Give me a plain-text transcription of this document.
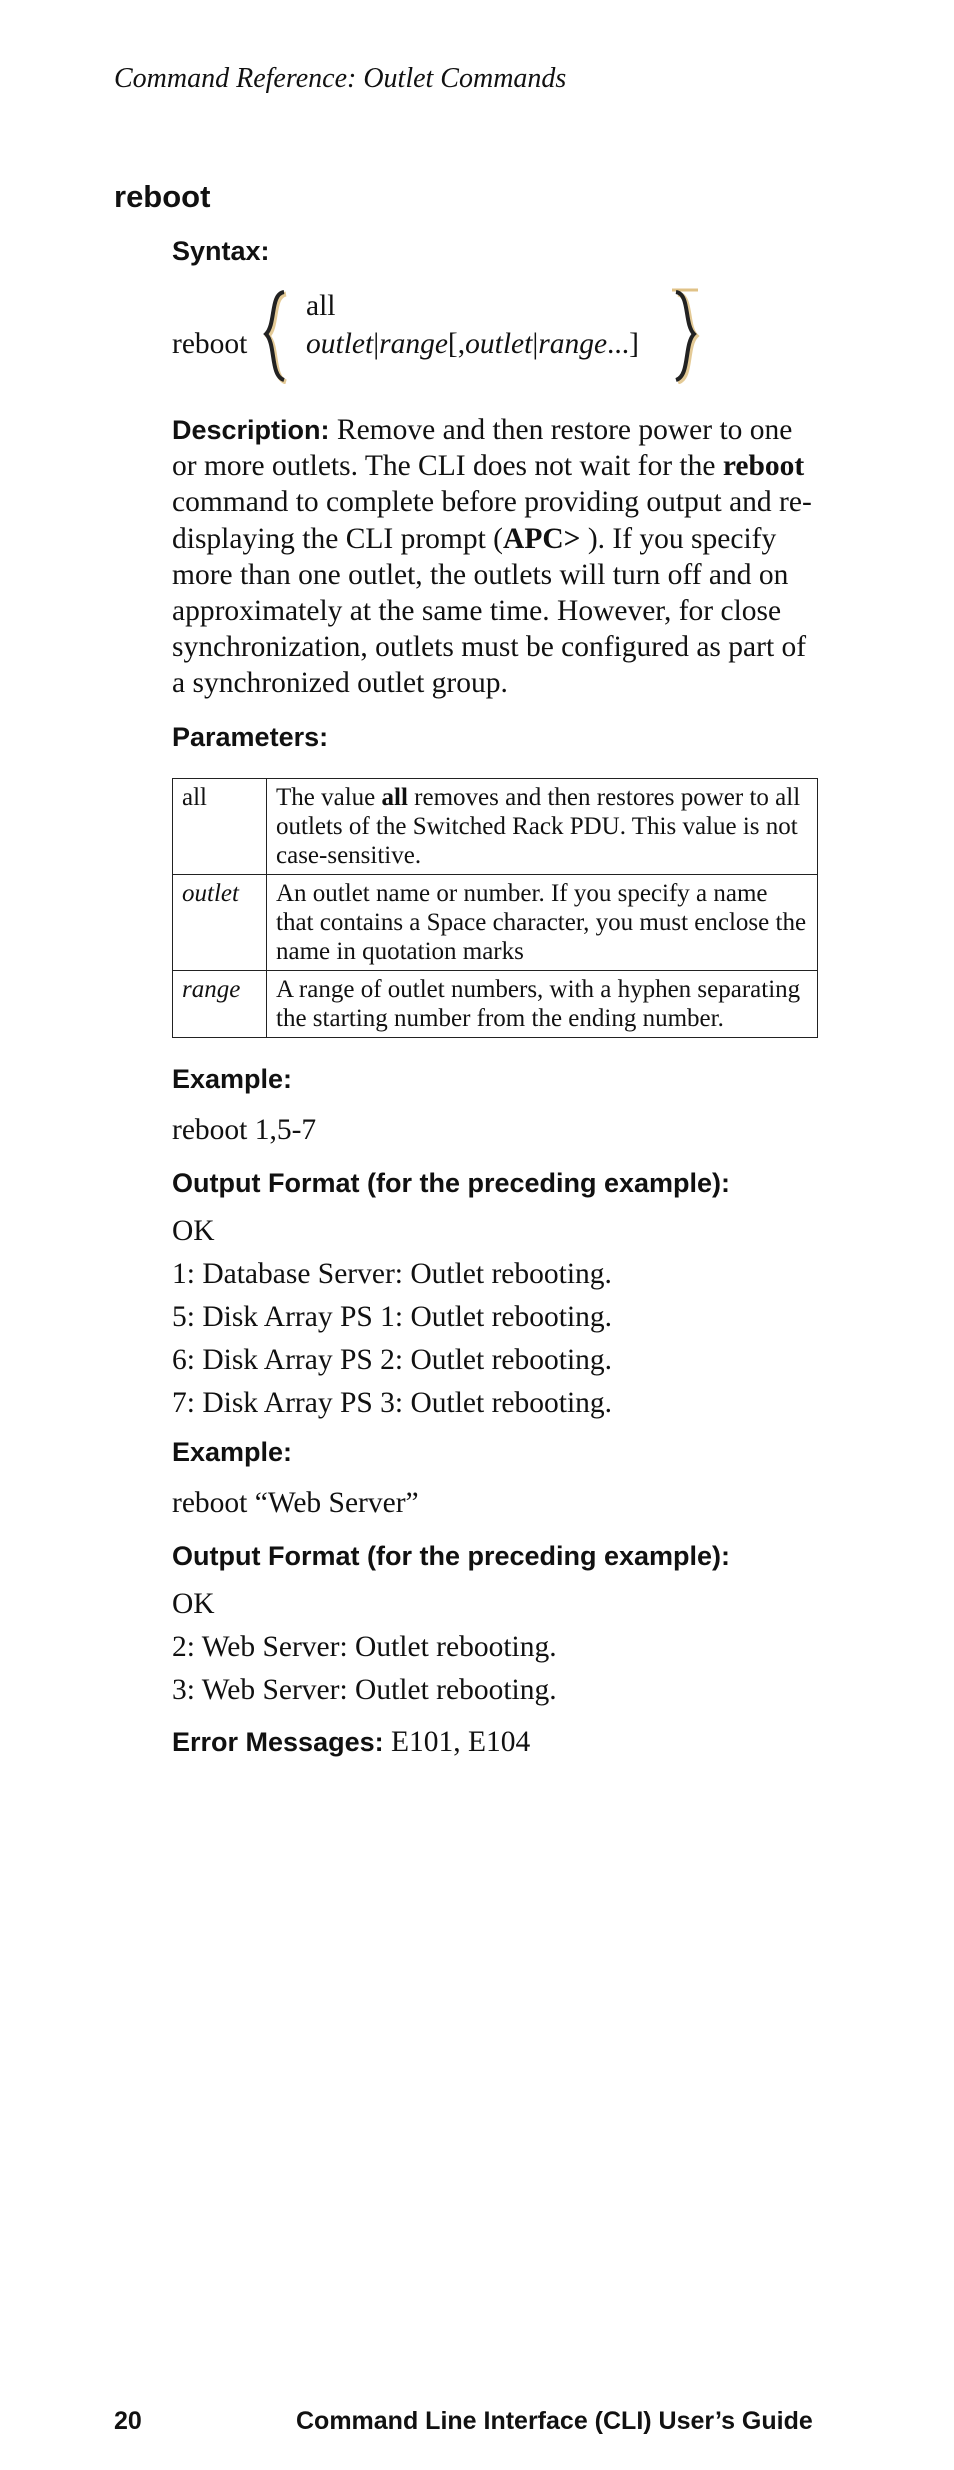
Command Reference: Outlet Commands
reboot

Syntax:

reboot
all
outlet|range[,outlet|range...]

Description: Remove and then restore power to one or more outlets. The CLI does not wait for the reboot command to complete before providing output and re-displaying the CLI prompt (APC> ). If you specify more than one outlet, the outlets will turn off and on approximately at the same time. However, for close synchronization, outlets must be configured as part of a synchronized outlet group.

Parameters:

all	The value all removes and then restores power to all outlets of the Switched Rack PDU. This value is not case-sensitive.
outlet	An outlet name or number. If you specify a name that contains a Space character, you must enclose the name in quotation marks
range	A range of outlet numbers, with a hyphen separating the starting number from the ending number.

Example:

reboot 1,5-7

Output Format (for the preceding example):

OK

1: Database Server: Outlet rebooting.

5: Disk Array PS 1: Outlet rebooting.

6: Disk Array PS 2: Outlet rebooting.

7: Disk Array PS 3: Outlet rebooting.

Example:

reboot “Web Server”

Output Format (for the preceding example):

OK

2: Web Server: Outlet rebooting.

3: Web Server: Outlet rebooting.

Error Messages: E101, E104

20	Command Line Interface (CLI) User’s Guide
